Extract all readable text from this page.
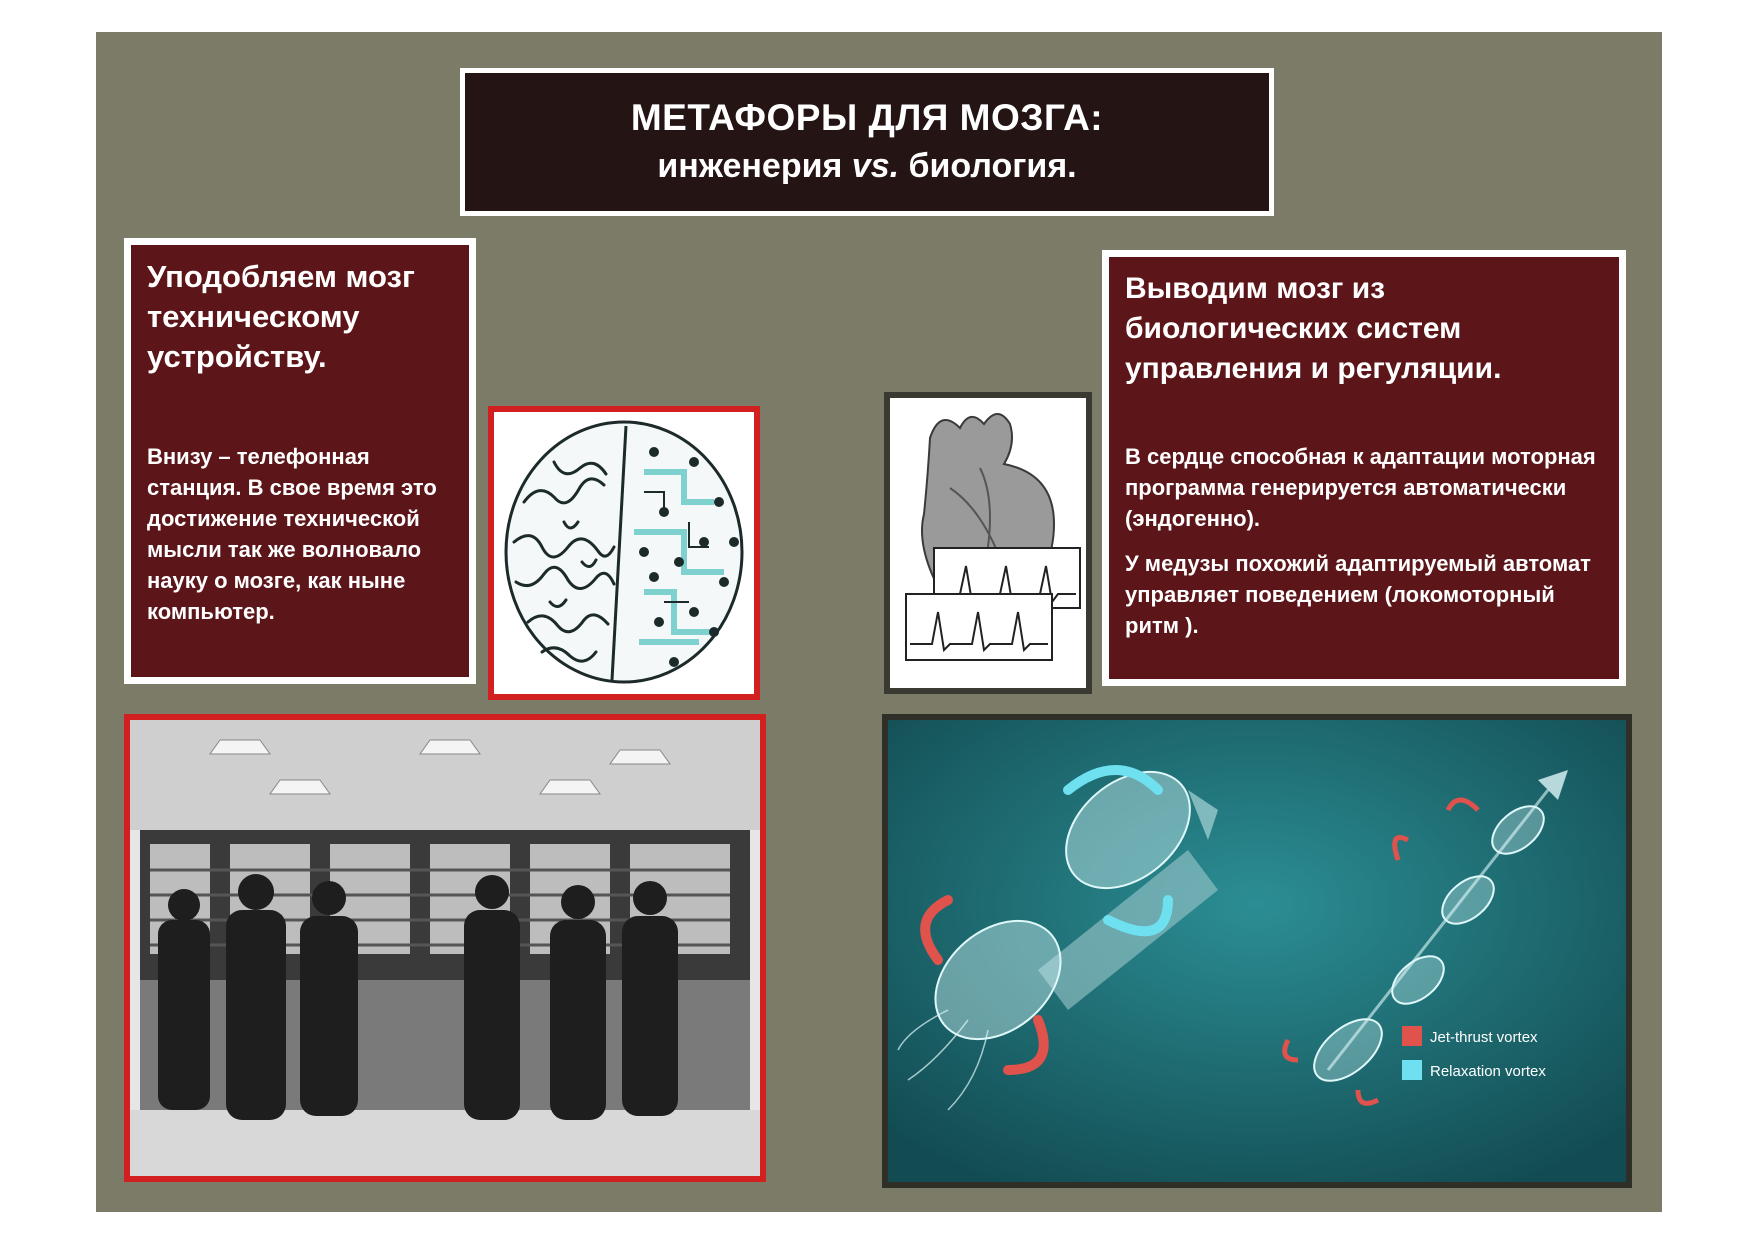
МЕТАФОРЫ ДЛЯ МОЗГА:
инженерия vs. биология.
Уподобляем мозг техническому устройству.
Внизу – телефонная станция. В свое время это достижение технической мысли так же волновало науку о мозге, как ныне компьютер.
Выводим мозг из биологических систем управления и регуляции.
В сердце способная к адаптации моторная программа генерируется автоматически (эндогенно).
У медузы похожий адаптируемый автомат управляет поведением (локомоторный ритм ).
Jet-thrust vortex
Relaxation vortex
